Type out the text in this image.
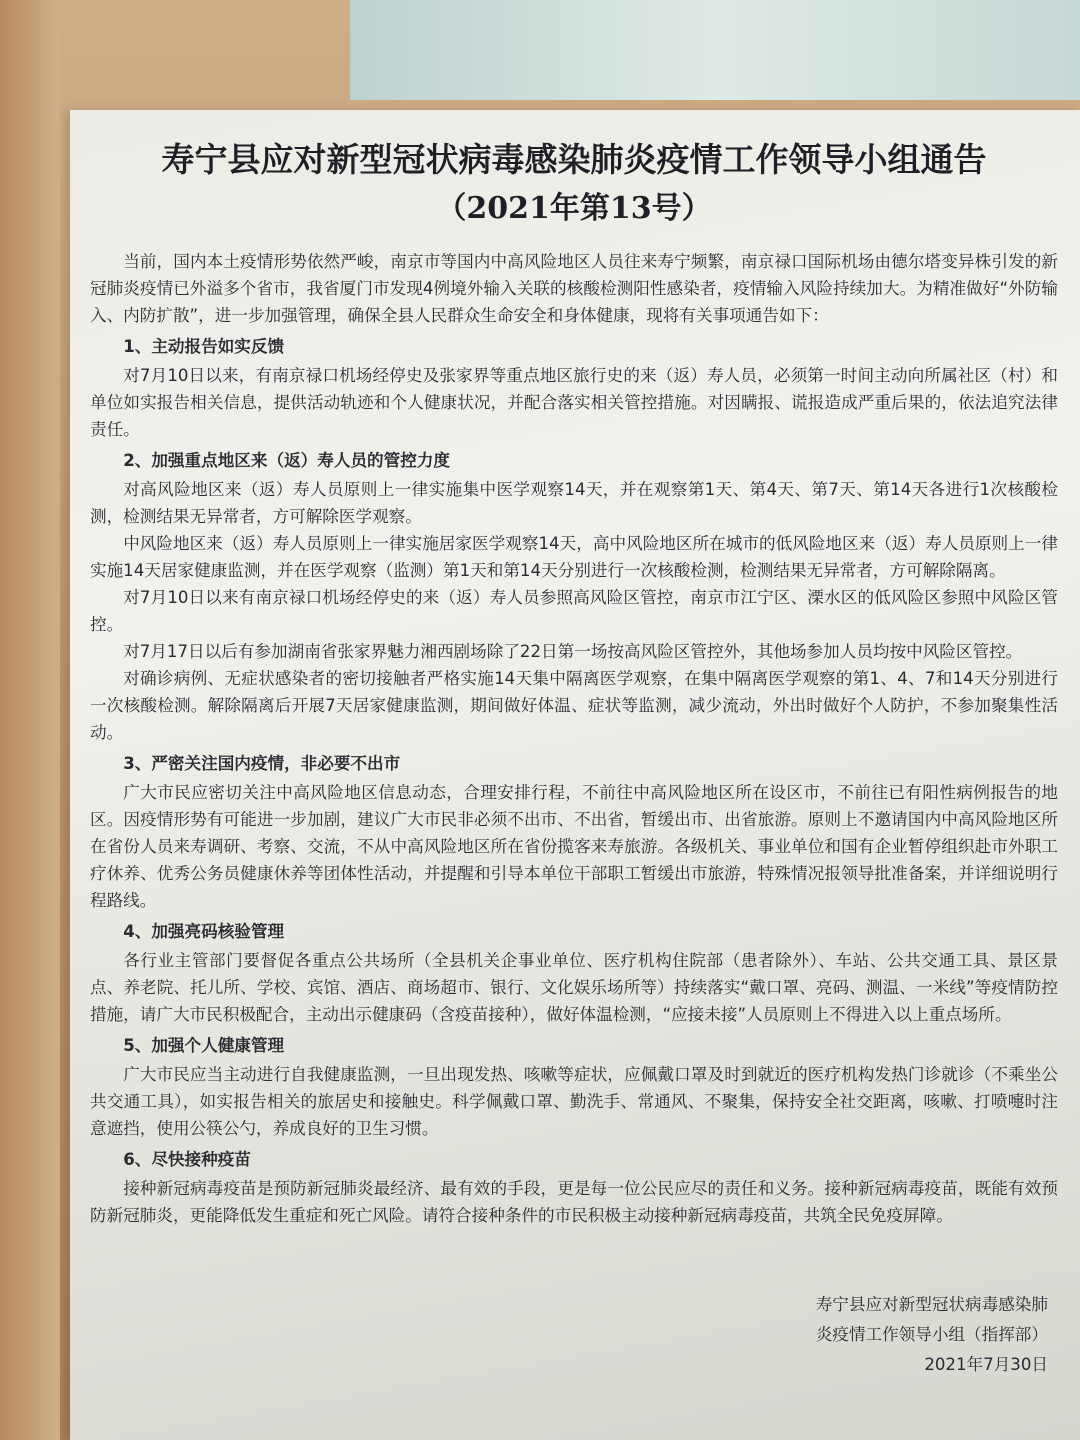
寿宁县应对新型冠状病毒感染肺炎疫情工作领导小组通告
（2021年第13号）

当前，国内本土疫情形势依然严峻，南京市等国内中高风险地区人员往来寿宁频繁，南京禄口国际机场由德尔塔变异株引发的新冠肺炎疫情已外溢多个省市，我省厦门市发现4例境外输入关联的核酸检测阳性感染者，疫情输入风险持续加大。为精准做好“外防输入、内防扩散”，进一步加强管理，确保全县人民群众生命安全和身体健康，现将有关事项通告如下：

1、主动报告如实反馈

对7月10日以来，有南京禄口机场经停史及张家界等重点地区旅行史的来（返）寿人员，必须第一时间主动向所属社区（村）和单位如实报告相关信息，提供活动轨迹和个人健康状况，并配合落实相关管控措施。对因瞒报、谎报造成严重后果的，依法追究法律责任。

2、加强重点地区来（返）寿人员的管控力度

对高风险地区来（返）寿人员原则上一律实施集中医学观察14天，并在观察第1天、第4天、第7天、第14天各进行1次核酸检测，检测结果无异常者，方可解除医学观察。

中风险地区来（返）寿人员原则上一律实施居家医学观察14天，高中风险地区所在城市的低风险地区来（返）寿人员原则上一律实施14天居家健康监测，并在医学观察（监测）第1天和第14天分别进行一次核酸检测，检测结果无异常者，方可解除隔离。

对7月10日以来有南京禄口机场经停史的来（返）寿人员参照高风险区管控，南京市江宁区、溧水区的低风险区参照中风险区管控。

对7月17日以后有参加湖南省张家界魅力湘西剧场除了22日第一场按高风险区管控外，其他场参加人员均按中风险区管控。

对确诊病例、无症状感染者的密切接触者严格实施14天集中隔离医学观察，在集中隔离医学观察的第1、4、7和14天分别进行一次核酸检测。解除隔离后开展7天居家健康监测，期间做好体温、症状等监测，减少流动，外出时做好个人防护，不参加聚集性活动。

3、严密关注国内疫情，非必要不出市

广大市民应密切关注中高风险地区信息动态，合理安排行程，不前往中高风险地区所在设区市，不前往已有阳性病例报告的地区。因疫情形势有可能进一步加剧，建议广大市民非必须不出市、不出省，暂缓出市、出省旅游。原则上不邀请国内中高风险地区所在省份人员来寿调研、考察、交流，不从中高风险地区所在省份揽客来寿旅游。各级机关、事业单位和国有企业暂停组织赴市外职工疗休养、优秀公务员健康休养等团体性活动，并提醒和引导本单位干部职工暂缓出市旅游，特殊情况报领导批准备案，并详细说明行程路线。

4、加强亮码核验管理

各行业主管部门要督促各重点公共场所（全县机关企事业单位、医疗机构住院部（患者除外）、车站、公共交通工具、景区景点、养老院、托儿所、学校、宾馆、酒店、商场超市、银行、文化娱乐场所等）持续落实“戴口罩、亮码、测温、一米线”等疫情防控措施，请广大市民积极配合，主动出示健康码（含疫苗接种），做好体温检测，“应接未接”人员原则上不得进入以上重点场所。

5、加强个人健康管理

广大市民应当主动进行自我健康监测，一旦出现发热、咳嗽等症状，应佩戴口罩及时到就近的医疗机构发热门诊就诊（不乘坐公共交通工具），如实报告相关的旅居史和接触史。科学佩戴口罩、勤洗手、常通风、不聚集，保持安全社交距离，咳嗽、打喷嚏时注意遮挡，使用公筷公勺，养成良好的卫生习惯。

6、尽快接种疫苗

接种新冠病毒疫苗是预防新冠肺炎最经济、最有效的手段，更是每一位公民应尽的责任和义务。接种新冠病毒疫苗，既能有效预防新冠肺炎，更能降低发生重症和死亡风险。请符合接种条件的市民积极主动接种新冠病毒疫苗，共筑全民免疫屏障。

寿宁县应对新型冠状病毒感染肺
炎疫情工作领导小组（指挥部）
2021年7月30日
